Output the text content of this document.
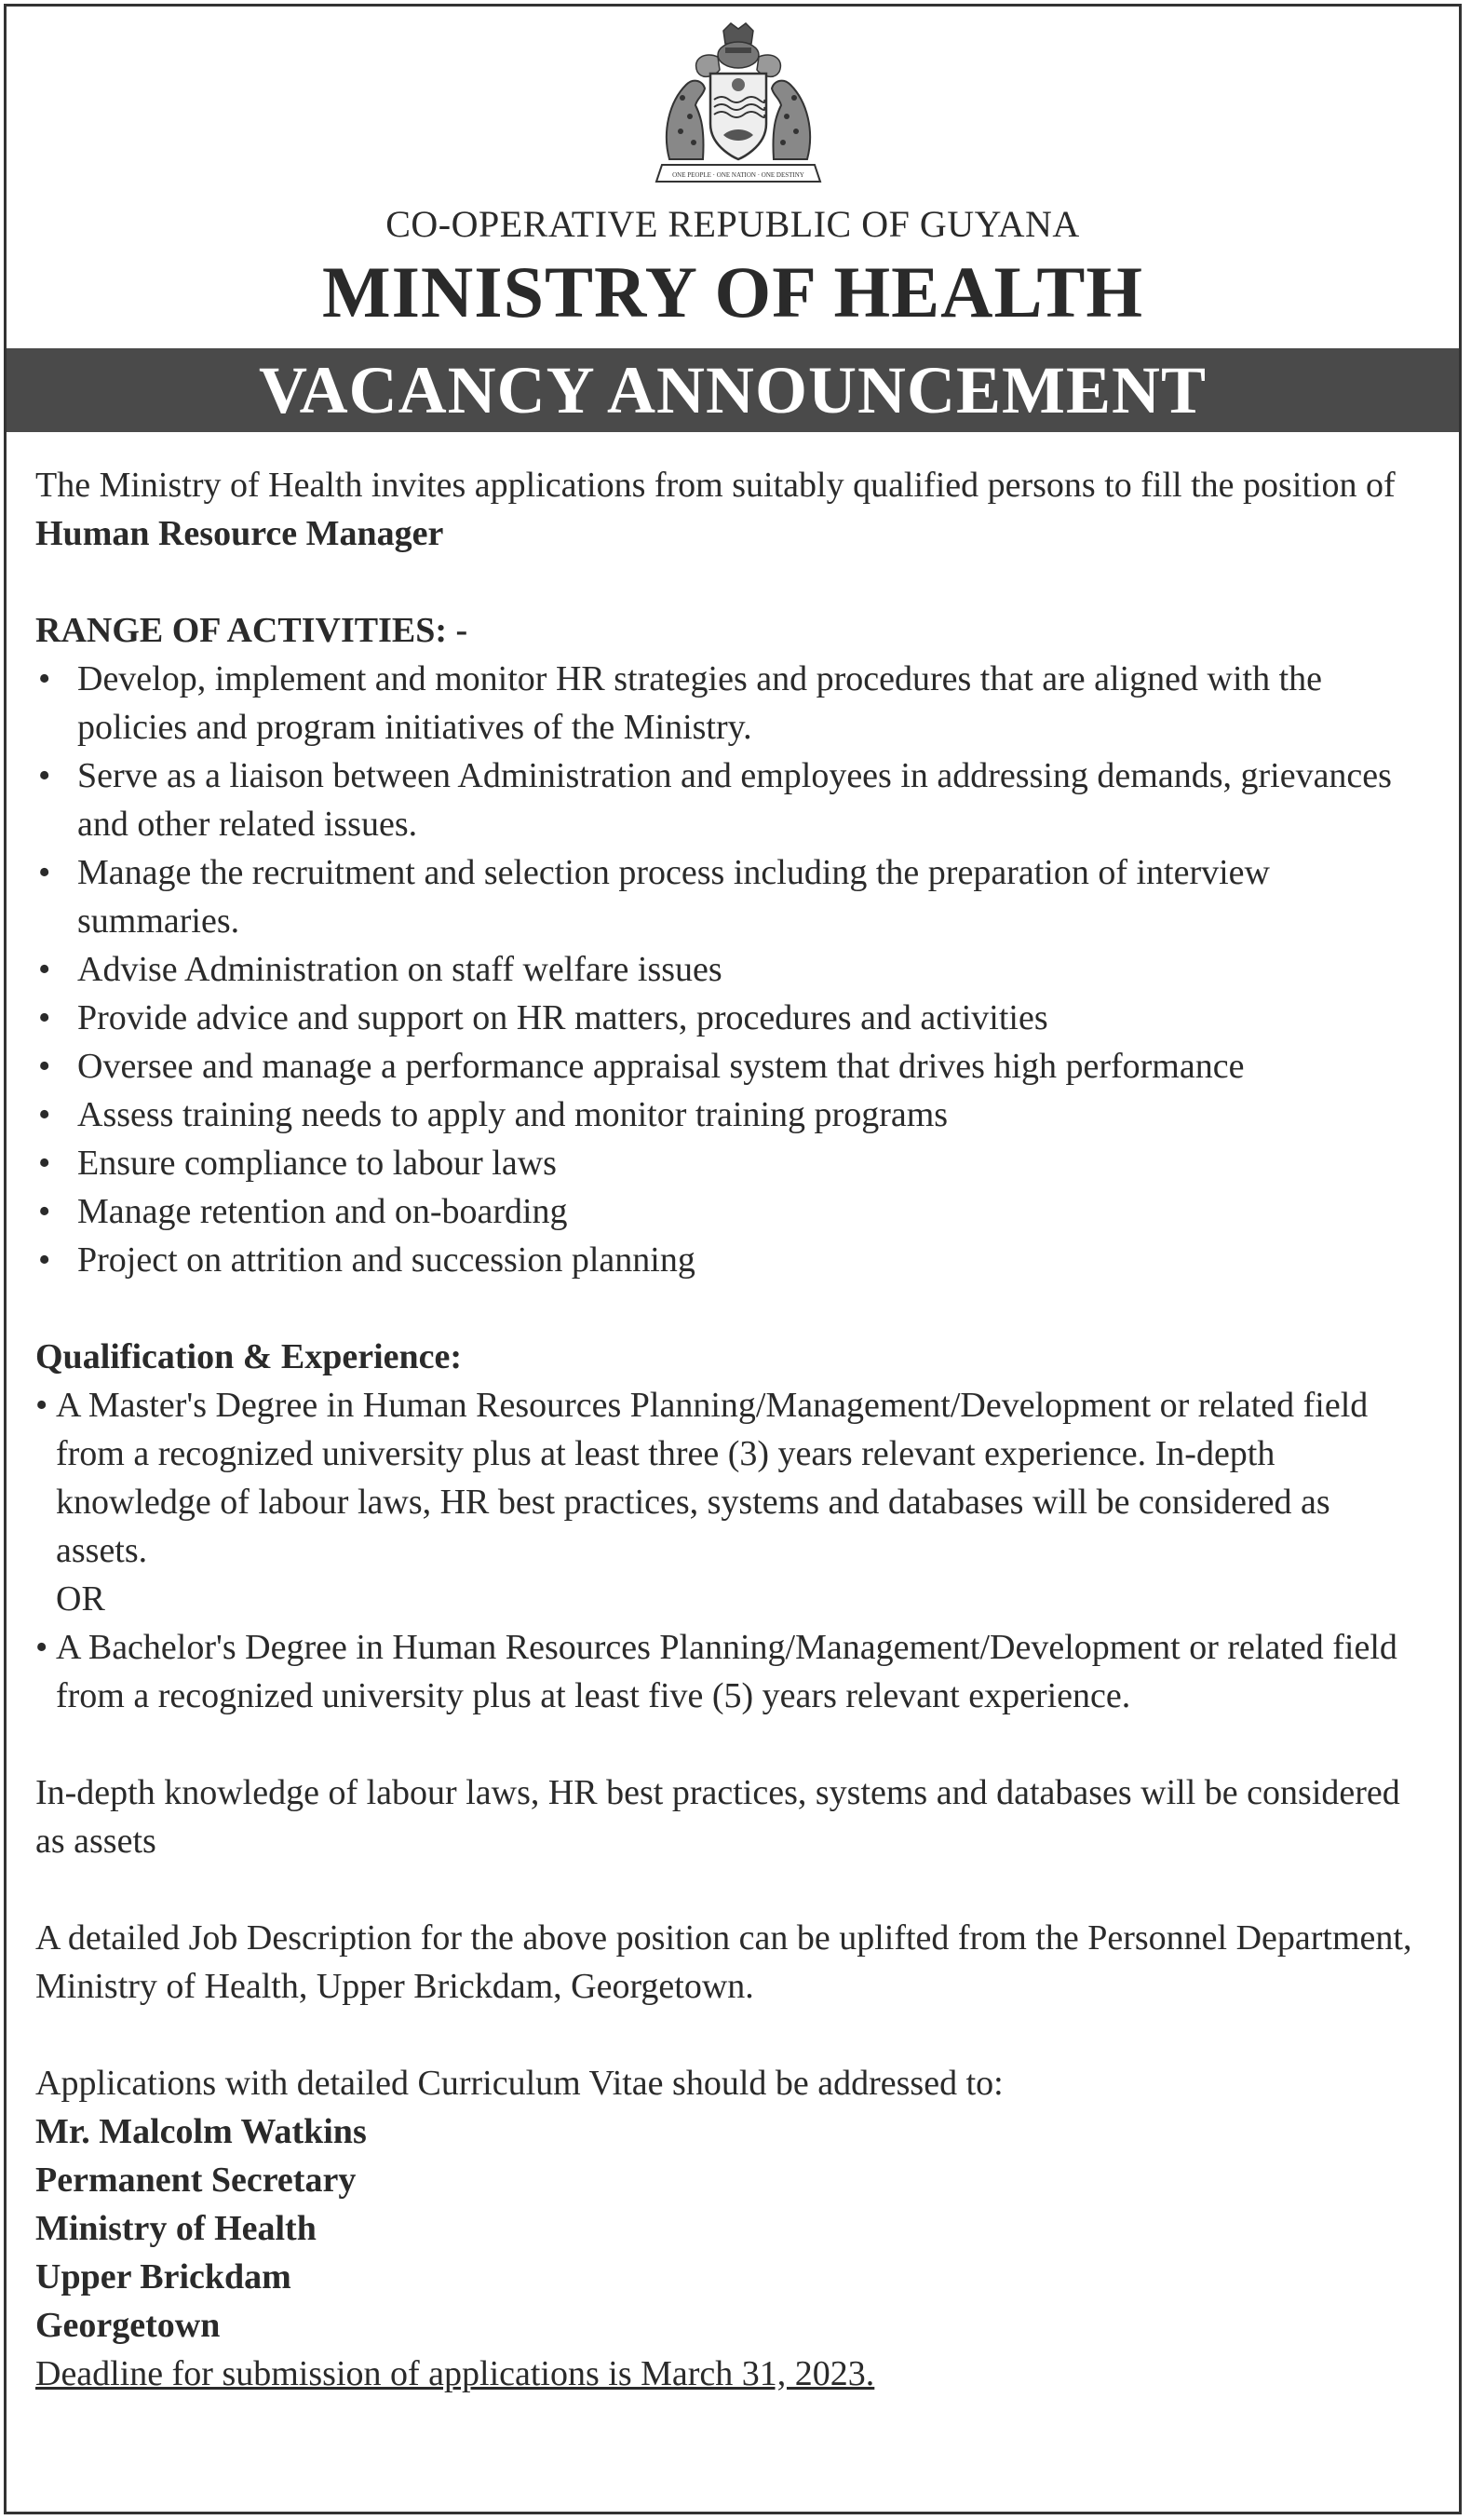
ONE PEOPLE · ONE NATION · ONE DESTINY
CO-OPERATIVE REPUBLIC OF GUYANA
MINISTRY OF HEALTH
VACANCY ANNOUNCEMENT

The Ministry of Health invites applications from suitably qualified persons to fill the position of Human Resource Manager

RANGE OF ACTIVITIES: -

• Develop, implement and monitor HR strategies and procedures that are aligned with the policies and program initiatives of the Ministry.
• Serve as a liaison between Administration and employees in addressing demands, grievances and other related issues.
• Manage the recruitment and selection process including the preparation of interview summaries.
• Advise Administration on staff welfare issues
• Provide advice and support on HR matters, procedures and activities
• Oversee and manage a performance appraisal system that drives high performance
• Assess training needs to apply and monitor training programs
• Ensure compliance to labour laws
• Manage retention and on-boarding
• Project on attrition and succession planning

Qualification & Experience:

• A Master's Degree in Human Resources Planning/Management/Development or related field from a recognized university plus at least three (3) years relevant experience. In-depth knowledge of labour laws, HR best practices, systems and databases will be considered as assets.

OR

• A Bachelor's Degree in Human Resources Planning/Management/Development or related field from a recognized university plus at least five (5) years relevant experience.

In-depth knowledge of labour laws, HR best practices, systems and databases will be considered as assets

A detailed Job Description for the above position can be uplifted from the Personnel Department, Ministry of Health, Upper Brickdam, Georgetown.

Applications with detailed Curriculum Vitae should be addressed to:

Mr. Malcolm Watkins

Permanent Secretary

Ministry of Health

Upper Brickdam

Georgetown

Deadline for submission of applications is March 31, 2023.
